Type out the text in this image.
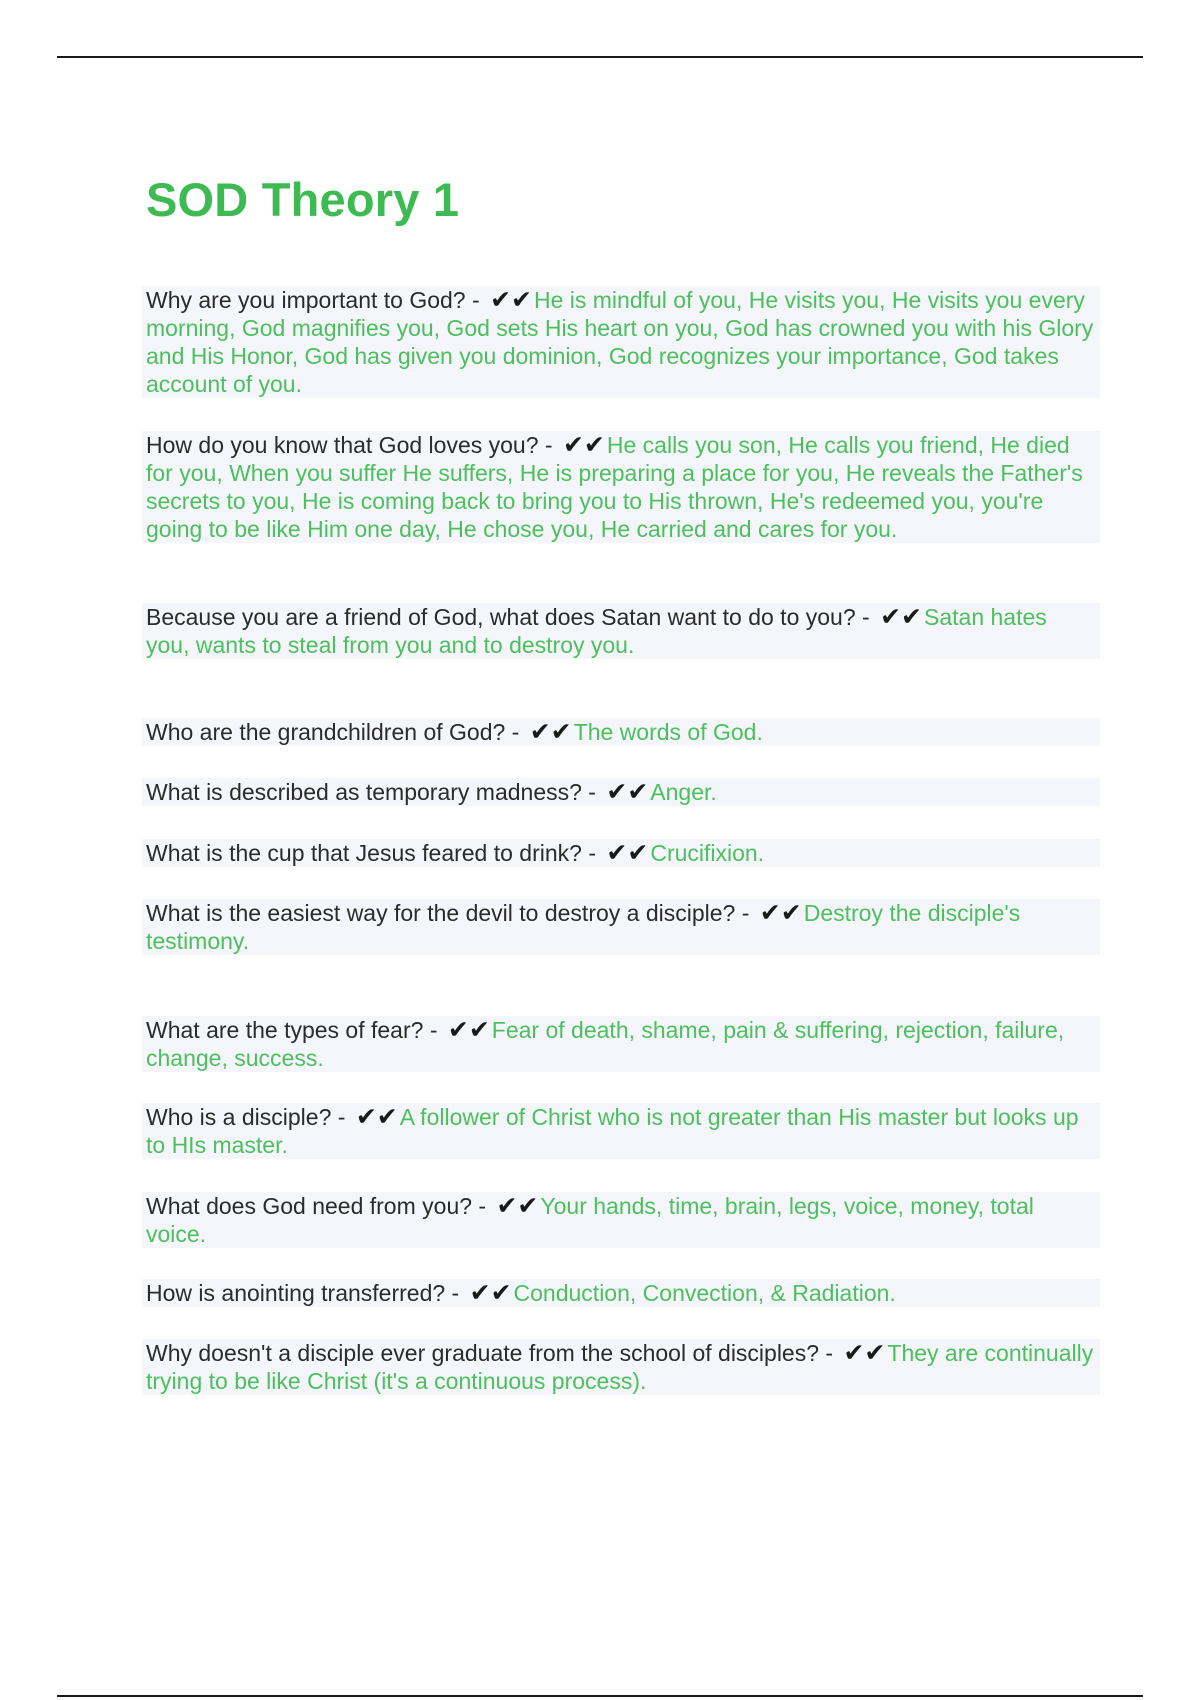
SOD Theory 1

Why are you important to God? - ✔✔He is mindful of you, He visits you, He visits you every morning, God magnifies you, God sets His heart on you, God has crowned you with his Glory and His Honor, God has given you dominion, God recognizes your importance, God takes account of you.

How do you know that God loves you? - ✔✔He calls you son, He calls you friend, He died for you, When you suffer He suffers, He is preparing a place for you, He reveals the Father's secrets to you, He is coming back to bring you to His thrown, He's redeemed you, you're going to be like Him one day, He chose you, He carried and cares for you.

Because you are a friend of God, what does Satan want to do to you? - ✔✔Satan hates you, wants to steal from you and to destroy you.

Who are the grandchildren of God? - ✔✔The words of God.

What is described as temporary madness? - ✔✔Anger.

What is the cup that Jesus feared to drink? - ✔✔Crucifixion.

What is the easiest way for the devil to destroy a disciple? - ✔✔Destroy the disciple's testimony.

What are the types of fear? - ✔✔Fear of death, shame, pain & suffering, rejection, failure, change, success.

Who is a disciple? - ✔✔A follower of Christ who is not greater than His master but looks up to HIs master.

What does God need from you? - ✔✔Your hands, time, brain, legs, voice, money, total voice.

How is anointing transferred? - ✔✔Conduction, Convection, & Radiation.

Why doesn't a disciple ever graduate from the school of disciples? - ✔✔They are continually trying to be like Christ (it's a continuous process).
